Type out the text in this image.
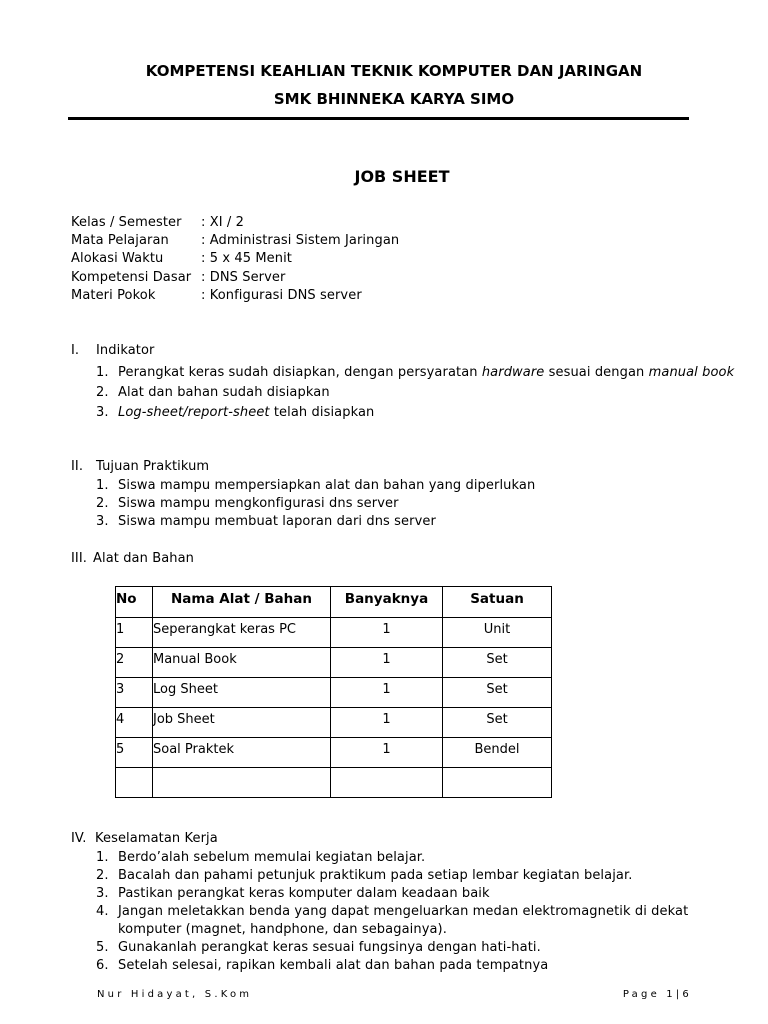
KOMPETENSI KEAHLIAN TEKNIK KOMPUTER DAN JARINGAN
SMK BHINNEKA KARYA SIMO
JOB SHEET
Kelas / Semester : XI / 2
Mata Pelajaran : Administrasi Sistem Jaringan
Alokasi Waktu	: 5 x 45 Menit
Kompetensi Dasar : DNS Server
Materi Pokok	: Konfigurasi DNS server
I. Indikator
1. Perangkat keras sudah disiapkan, dengan persyaratan hardware sesuai dengan manual book
2. Alat dan bahan sudah disiapkan
3. Log-sheet/report-sheet telah disiapkan
II. Tujuan Praktikum
1. Siswa mampu mempersiapkan alat dan bahan yang diperlukan
2. Siswa mampu mengkonfigurasi dns server
3. Siswa mampu membuat laporan dari dns server
III. Alat dan Bahan
No	Nama Alat / Bahan	Banyaknya	Satuan

1	Seperangkat keras PC	1	Unit

2	Manual Book	1	Set

3	Log Sheet	1	Set

4	Job Sheet	1	Set

5	Soal Praktek	1	Bendel

IV. Keselamatan Kerja
1. Berdo’alah sebelum memulai kegiatan belajar.
2. Bacalah dan pahami petunjuk praktikum pada setiap lembar kegiatan belajar.
3. Pastikan perangkat keras komputer dalam keadaan baik
4. Jangan meletakkan benda yang dapat mengeluarkan medan elektromagnetik di dekat komputer (magnet, handphone, dan sebagainya).
5. Gunakanlah perangkat keras sesuai fungsinya dengan hati-hati.
6. Setelah selesai, rapikan kembali alat dan bahan pada tempatnya
Nur Hidayat, S.Kom	Page 1|6
